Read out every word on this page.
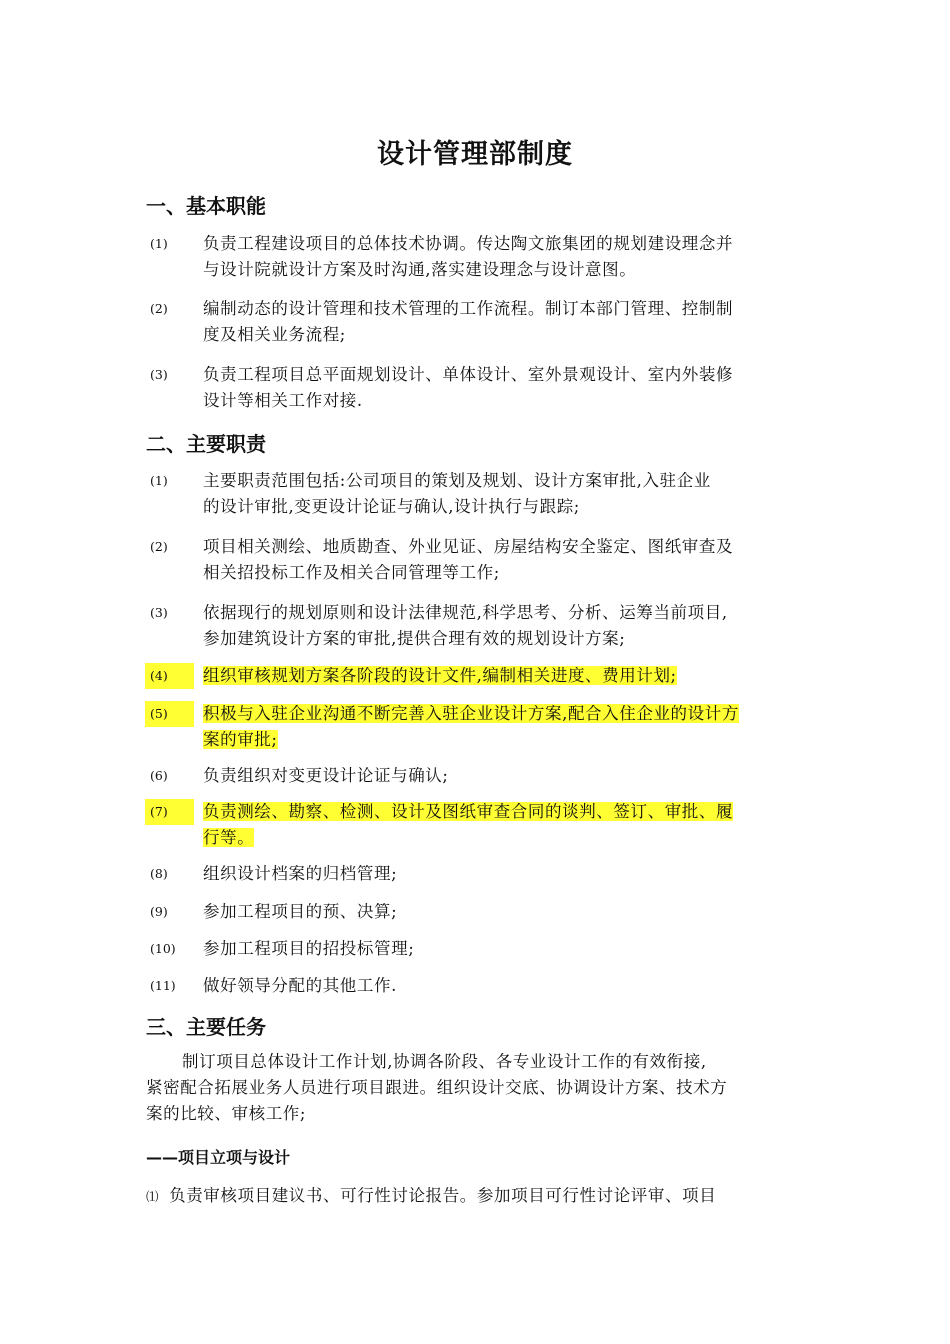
设计管理部制度
一、基本职能
(1) 负责工程建设项目的总体技术协调。传达陶文旅集团的规划建设理念并
与设计院就设计方案及时沟通,落实建设理念与设计意图。
(2) 编制动态的设计管理和技术管理的工作流程。制订本部门管理、控制制
度及相关业务流程;
(3) 负责工程项目总平面规划设计、单体设计、室外景观设计、室内外装修
设计等相关工作对接.
二、主要职责
(1) 主要职责范围包括:公司项目的策划及规划、设计方案审批,入驻企业
的设计审批,变更设计论证与确认,设计执行与跟踪;
(2) 项目相关测绘、地质勘查、外业见证、房屋结构安全鉴定、图纸审查及
相关招投标工作及相关合同管理等工作;
(3) 依据现行的规划原则和设计法律规范,科学思考、分析、运筹当前项目,
参加建筑设计方案的审批,提供合理有效的规划设计方案;
(4)	组织审核规划方案各阶段的设计文件,编制相关进度、费用计划;
(5)	积极与入驻企业沟通不断完善入驻企业设计方案,配合入住企业的设计方
案的审批;
(6) 负责组织对变更设计论证与确认;
(7)	负责测绘、勘察、检测、设计及图纸审查合同的谈判、签订、审批、履
行等。
(8) 组织设计档案的归档管理;
(9) 参加工程项目的预、决算;
(10) 参加工程项目的招投标管理;
(11) 做好领导分配的其他工作.
三、主要任务
制订项目总体设计工作计划,协调各阶段、各专业设计工作的有效衔接,
紧密配合拓展业务人员进行项目跟进。组织设计交底、协调设计方案、技术方
案的比较、审核工作;
——项目立项与设计
⑴ 负责审核项目建议书、可行性讨论报告。参加项目可行性讨论评审、项目
